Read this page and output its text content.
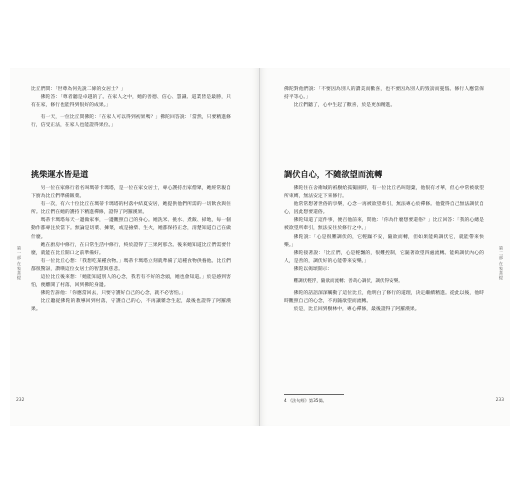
比丘們問：「世尊為何先說二條的女居士？」

佛陀答：「尊者聽是卓越的了。在家人之中，她的善德、信心、慧識、道業皆是最勝，只有在家，修行也能得到很好的成果。」

有一天，一位比丘問佛陀：「在家人可以得到初果嗎？」佛陀回答說：「當然，只要精進修行，信受正法，在家人也能證得果位。」

挑柴運水皆是道

另一位在家修行者名叫瑪蒂卡瑪塔，是一位在家女居士，專心護持出家僧眾，她經常親自下廚為比丘們準備飯菜。

有一次，有六十位比丘在瑪蒂卡瑪塔的村落中結夏安居，她提供他們所需的一切飲食與住所。比丘們在她的護持下精進禪修，證得了阿羅漢果。

瑪蒂卡瑪塔每天一邊做家事，一邊觀照自己的身心。她洗米、挑水、煮飯、掃地，每一個動作都專注於當下。無論是切菜、揀菜，或是撿柴、生火，她都保持正念，清楚知道自己在做什麼。

她在廚房中修行，在日常生活中修行，終於證得了三果阿那含。後來她知道比丘們需要什麼，就能在比丘開口之前準備好。

有一位比丘心想：「我想吃某種食物。」瑪蒂卡瑪塔立刻就準備了這種食物供養他。比丘們都很驚訝，讚嘆這位女居士的智慧與慈悲。

這位比丘後來想：「她能知道別人的心念，我若有不好的念頭，她也會知道。」於是感到害怕，便離開了村落，回到佛陀身邊。

佛陀告訴他：「你應當回去，只要守護好自己的心念，就不必害怕。」

比丘聽從佛陀的教導回到村落，守護自己的心，不再讓雜念生起，最後也證得了阿羅漢果。

第一部 在家菩提
232

佛陀對他們說：「不要因為別人的讚美而歡喜，也不要因為別人的毀謗而憂惱。修行人應當保持平等心。」

比丘們聽了，心中生起了歡喜，於是更加精進。

調伏自心，不隨欲望而流轉

佛陀住在舍衛城的祇樹給孤獨園時，有一位比丘名叫迦葉，他很有才華，但心中常被欲望所束縛，無法安定下來修行。

他常常想著世俗的享樂，心念一再被欲望牽引，無法專心於禪修。他覺得自己無法調伏自心，因此想要還俗。

佛陀知道了這件事，便召他前來，問他：「你為什麼想要還俗？」比丘回答：「我的心總是被欲望所牽引，無法安住於修行之中。」

佛陀說：「心是很難調伏的，它輕躁不安，隨欲而轉，但如果能夠調伏它，就能帶來快樂。」

佛陀接著說：「比丘們，心是輕飄的，很難控制，它隨著欲望四處流轉。能夠調伏內心的人，是善的，調伏好的心能帶來安樂。」

佛陀以偈頌開示：

難調伏輕浮，隨欲而流轉；善哉心調伏，調伏得安樂。

佛陀的話語深深觸動了這位比丘，他明白了修行的道理，決定繼續精進。從此以後，他時時觀照自己的心念，不再隨欲望而流轉。

於是，比丘回到樹林中，專心禪修，最後證得了阿羅漢果。

4 《法句經》第35偈。
第二部 在家菩提
233
